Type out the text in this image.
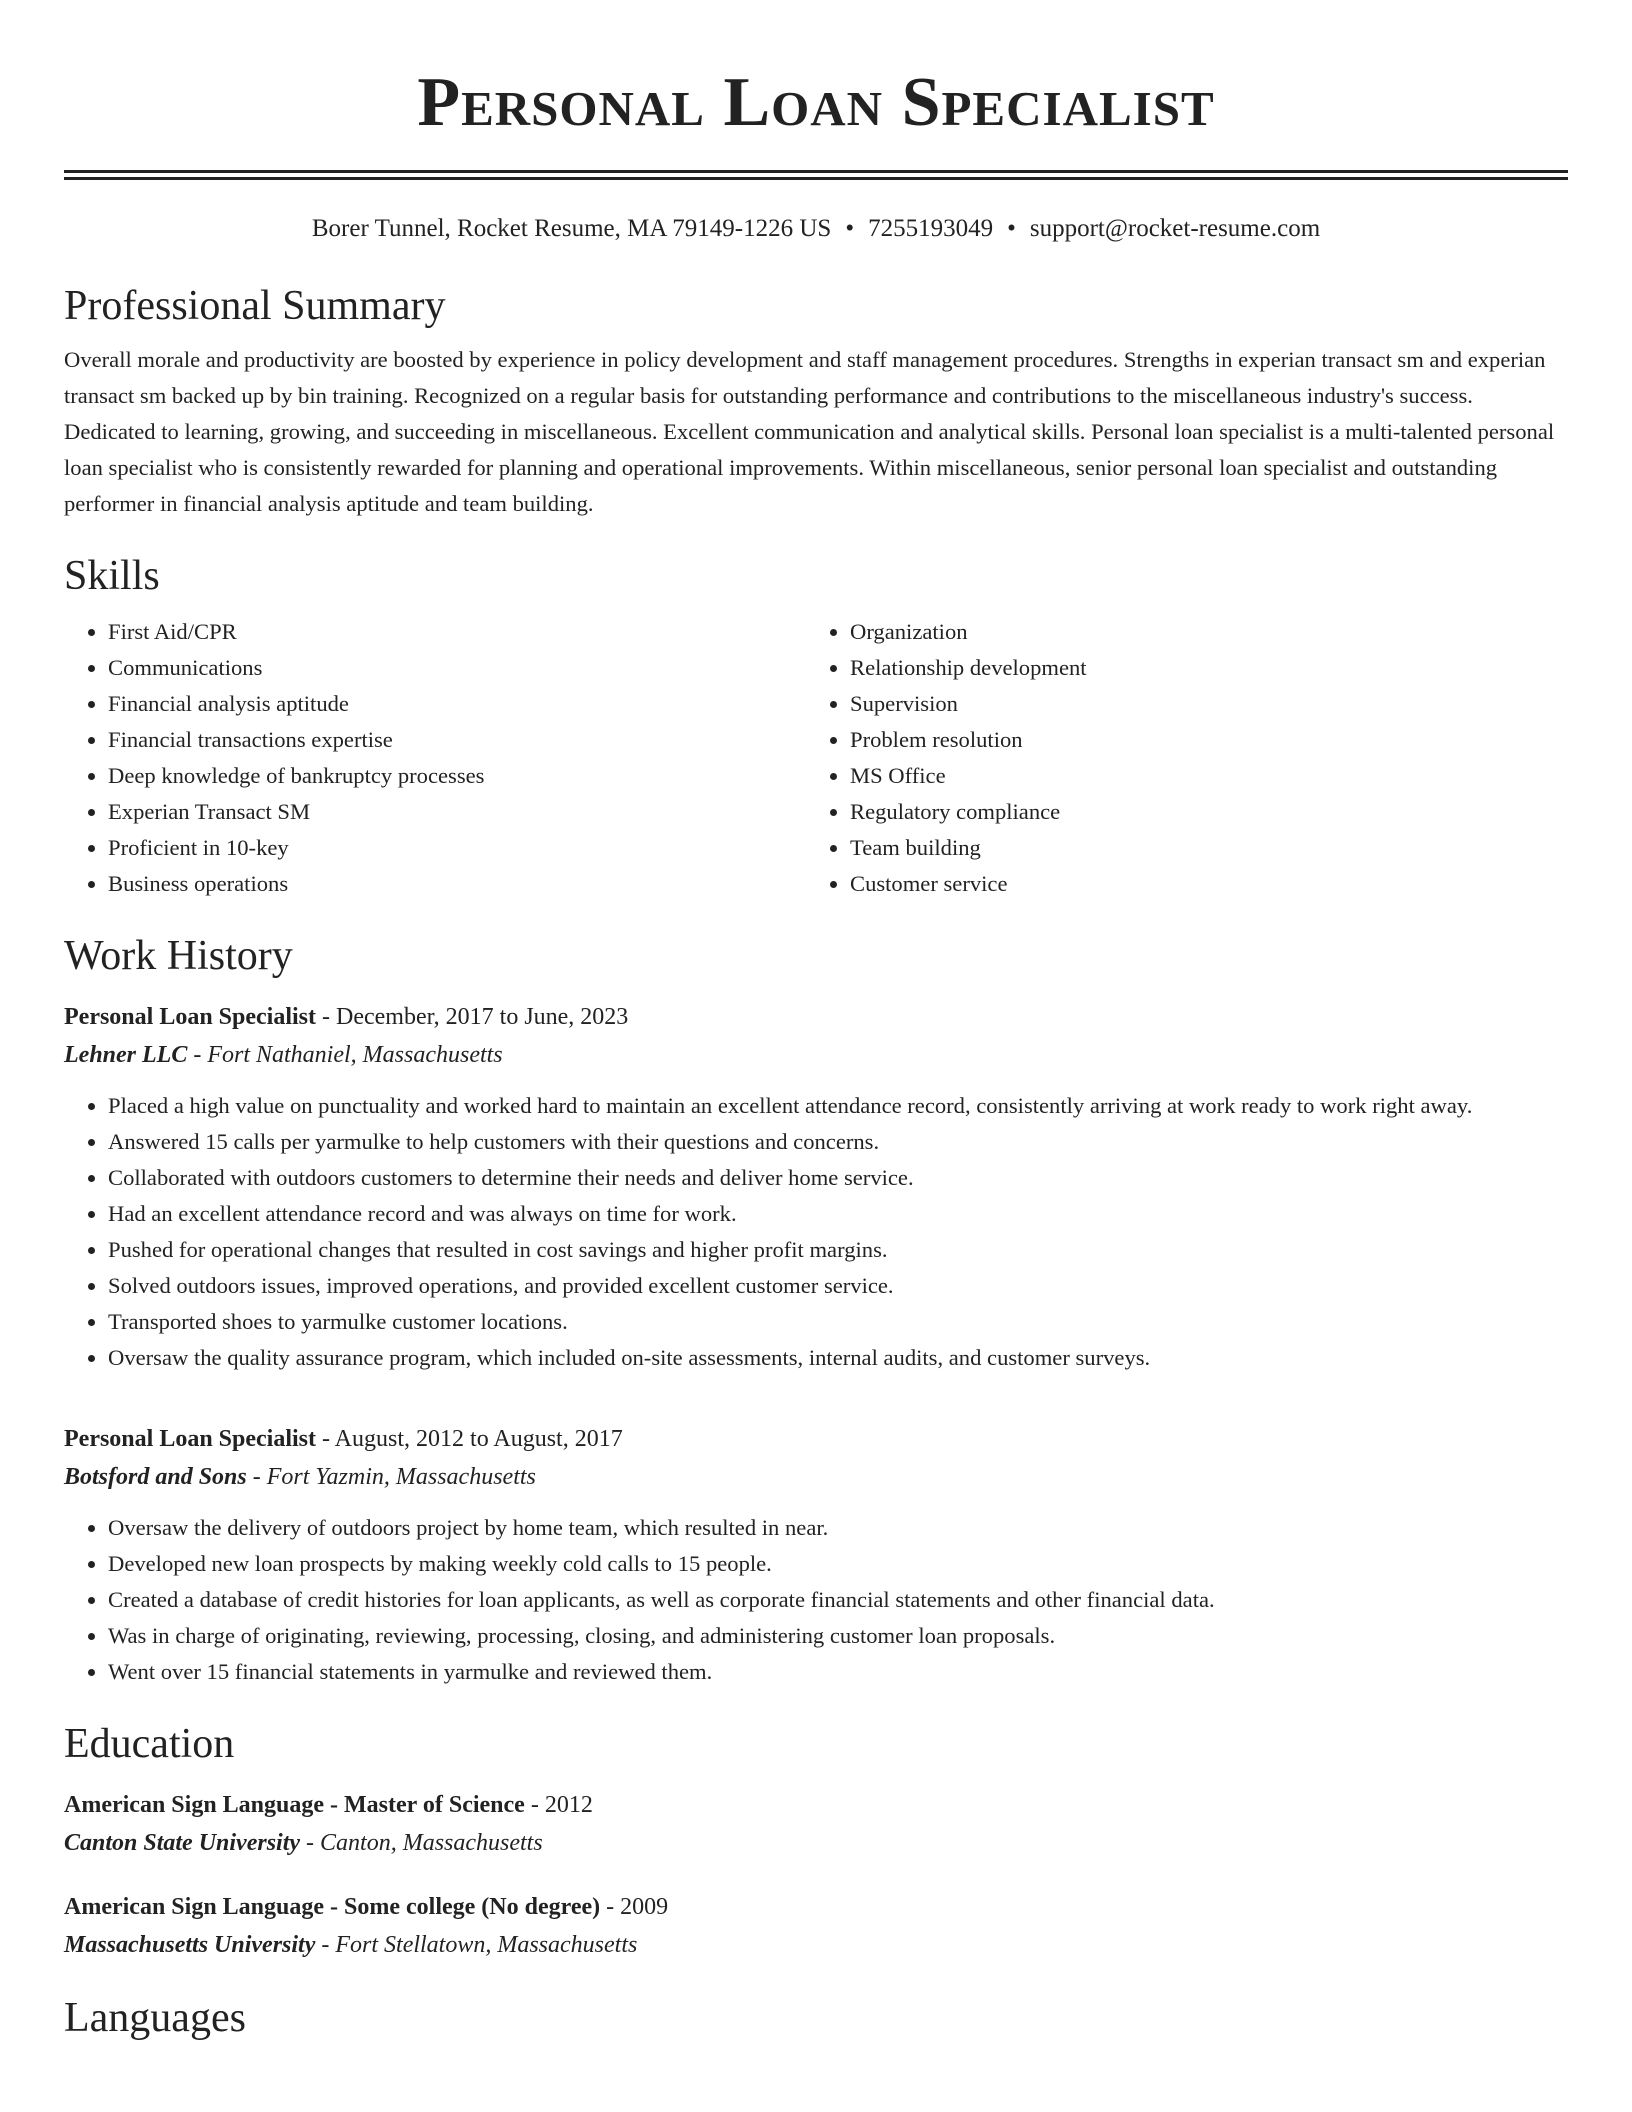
Personal Loan Specialist
Borer Tunnel, Rocket Resume, MA 79149-1226 US • 7255193049 • support@rocket-resume.com
Professional Summary

Overall morale and productivity are boosted by experience in policy development and staff management procedures. Strengths in experian transact sm and experian transact sm backed up by bin training. Recognized on a regular basis for outstanding performance and contributions to the miscellaneous industry's success. Dedicated to learning, growing, and succeeding in miscellaneous. Excellent communication and analytical skills. Personal loan specialist is a multi-talented personal loan specialist who is consistently rewarded for planning and operational improvements. Within miscellaneous, senior personal loan specialist and outstanding performer in financial analysis aptitude and team building.

Skills
• First Aid/CPR
• Communications
• Financial analysis aptitude
• Financial transactions expertise
• Deep knowledge of bankruptcy processes
• Experian Transact SM
• Proficient in 10-key
• Business operations
• Organization
• Relationship development
• Supervision
• Problem resolution
• MS Office
• Regulatory compliance
• Team building
• Customer service
Work History
Personal Loan Specialist - December, 2017 to June, 2023
Lehner LLC - Fort Nathaniel, Massachusetts
• Placed a high value on punctuality and worked hard to maintain an excellent attendance record, consistently arriving at work ready to work right away.
• Answered 15 calls per yarmulke to help customers with their questions and concerns.
• Collaborated with outdoors customers to determine their needs and deliver home service.
• Had an excellent attendance record and was always on time for work.
• Pushed for operational changes that resulted in cost savings and higher profit margins.
• Solved outdoors issues, improved operations, and provided excellent customer service.
• Transported shoes to yarmulke customer locations.
• Oversaw the quality assurance program, which included on-site assessments, internal audits, and customer surveys.
Personal Loan Specialist - August, 2012 to August, 2017
Botsford and Sons - Fort Yazmin, Massachusetts
• Oversaw the delivery of outdoors project by home team, which resulted in near.
• Developed new loan prospects by making weekly cold calls to 15 people.
• Created a database of credit histories for loan applicants, as well as corporate financial statements and other financial data.
• Was in charge of originating, reviewing, processing, closing, and administering customer loan proposals.
• Went over 15 financial statements in yarmulke and reviewed them.
Education
American Sign Language - Master of Science - 2012
Canton State University - Canton, Massachusetts
American Sign Language - Some college (No degree) - 2009
Massachusetts University - Fort Stellatown, Massachusetts
Languages
